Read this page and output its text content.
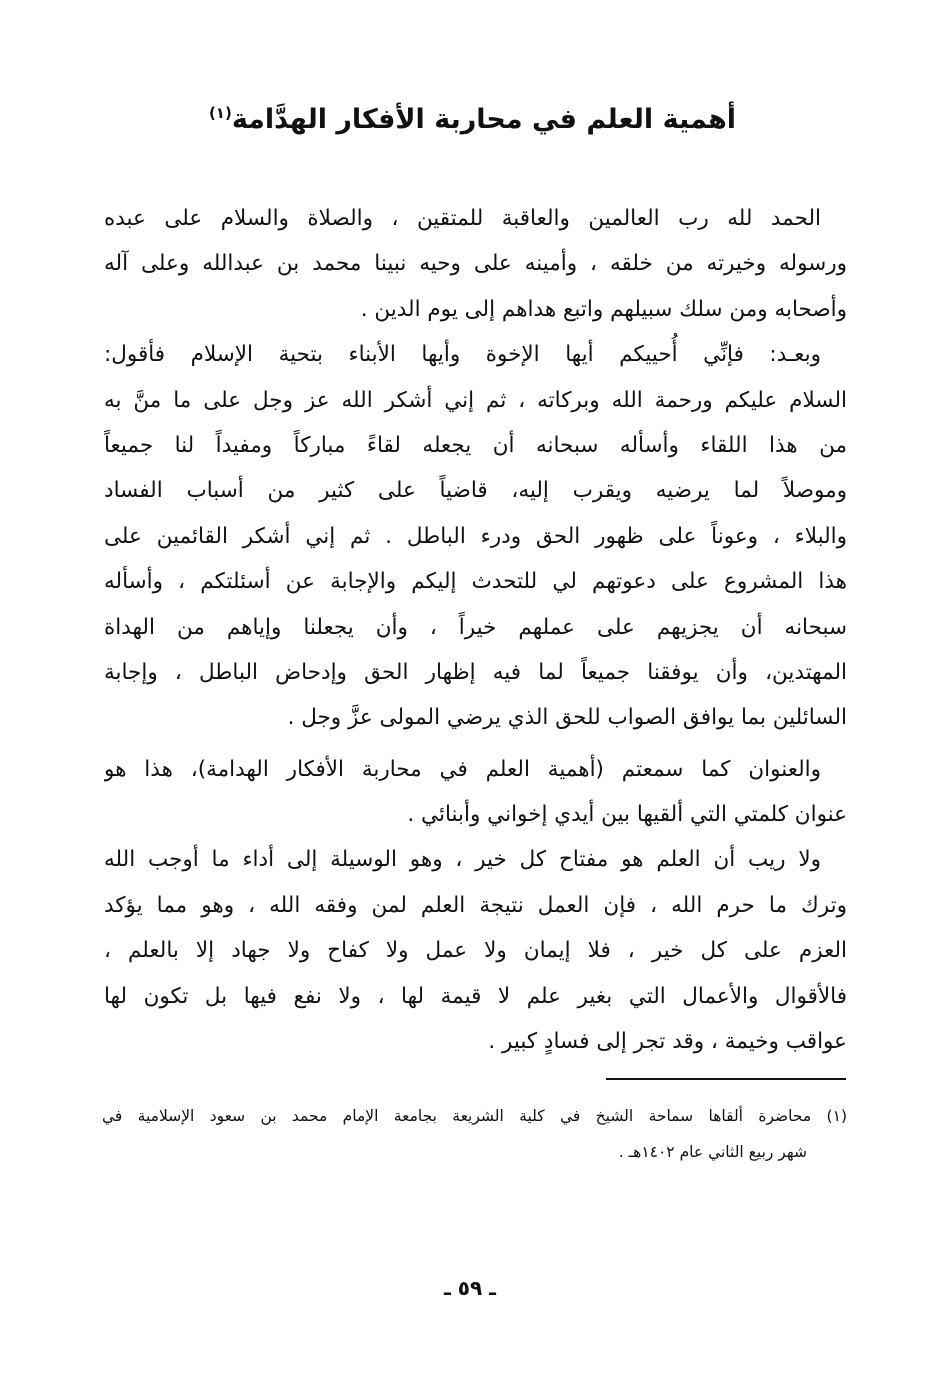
أهمية العلم في محاربة الأفكار الهدَّامة$^{(١)}$
الحمد لله رب العالمين والعاقبة للمتقين ، والصلاة والسلام على عبده
ورسوله وخيرته من خلقه ، وأمينه على وحيه نبينا محمد بن عبدالله وعلى آله
وأصحابه ومن سلك سبيلهم واتبع هداهم إلى يوم الدين .
وبعـد: فإنِّي أُحييكم أيها الإخوة وأيها الأبناء بتحية الإسلام فأقول:
السلام عليكم ورحمة الله وبركاته ، ثم إني أشكر الله عز وجل على ما منَّ به
من هذا اللقاء وأسأله سبحانه أن يجعله لقاءً مباركاً ومفيداً لنا جميعاً
وموصلاً لما يرضيه ويقرب إليه، قاضياً على كثير من أسباب الفساد
والبلاء ، وعوناً على ظهور الحق ودرء الباطل . ثم إني أشكر القائمين على
هذا المشروع على دعوتهم لي للتحدث إليكم والإجابة عن أسئلتكم ، وأسأله
سبحانه أن يجزيهم على عملهم خيراً ، وأن يجعلنا وإياهم من الهداة
المهتدين، وأن يوفقنا جميعاً لما فيه إظهار الحق وإدحاض الباطل ، وإجابة
السائلين بما يوافق الصواب للحق الذي يرضي المولى عزَّ وجل .
والعنوان كما سمعتم (أهمية العلم في محاربة الأفكار الهدامة)، هذا هو
عنوان كلمتي التي ألقيها بين أيدي إخواني وأبنائي .
ولا ريب أن العلم هو مفتاح كل خير ، وهو الوسيلة إلى أداء ما أوجب الله
وترك ما حرم الله ، فإن العمل نتيجة العلم لمن وفقه الله ، وهو مما يؤكد
العزم على كل خير ، فلا إيمان ولا عمل ولا كفاح ولا جهاد إلا بالعلم ،
فالأقوال والأعمال التي بغير علم لا قيمة لها ، ولا نفع فيها بل تكون لها
عواقب وخيمة ، وقد تجر إلى فسادٍ كبير .
(١) محاضرة ألقاها سماحة الشيخ في كلية الشريعة بجامعة الإمام محمد بن سعود الإسلامية في
شهر ربيع الثاني عام ١٤٠٢هـ .
ـ ٥٩ ـ
